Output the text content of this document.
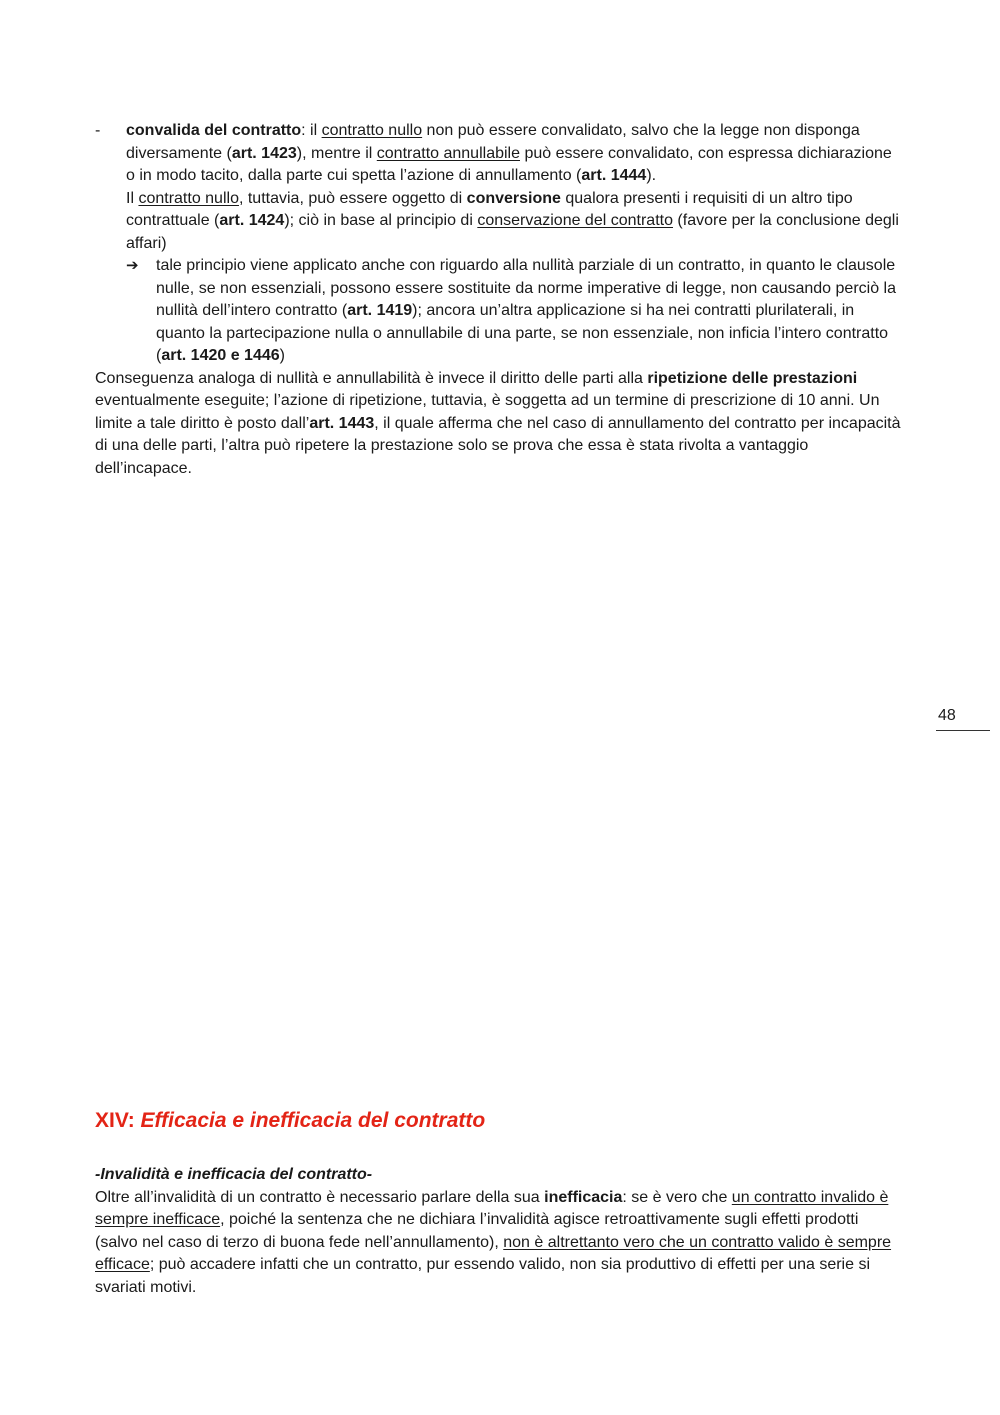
- convalida del contratto: il contratto nullo non può essere convalidato, salvo che la legge non disponga diversamente (art. 1423), mentre il contratto annullabile può essere convalidato, con espressa dichiarazione o in modo tacito, dalla parte cui spetta l’azione di annullamento (art. 1444).

Il contratto nullo, tuttavia, può essere oggetto di conversione qualora presenti i requisiti di un altro tipo contrattuale (art. 1424); ciò in base al principio di conservazione del contratto (favore per la conclusione degli affari)

➔ tale principio viene applicato anche con riguardo alla nullità parziale di un contratto, in quanto le clausole nulle, se non essenziali, possono essere sostituite da norme imperative di legge, non causando perciò la nullità dell’intero contratto (art. 1419); ancora un’altra applicazione si ha nei contratti plurilaterali, in quanto la partecipazione nulla o annullabile di una parte, se non essenziale, non inficia l’intero contratto (art. 1420 e 1446)

Conseguenza analoga di nullità e annullabilità è invece il diritto delle parti alla ripetizione delle prestazioni eventualmente eseguite; l’azione di ripetizione, tuttavia, è soggetta ad un termine di prescrizione di 10 anni. Un limite a tale diritto è posto dall’art. 1443, il quale afferma che nel caso di annullamento del contratto per incapacità di una delle parti, l’altra può ripetere la prestazione solo se prova che essa è stata rivolta a vantaggio dell’incapace.

48
XIV: Efficacia e inefficacia del contratto

-Invalidità e inefficacia del contratto-

Oltre all’invalidità di un contratto è necessario parlare della sua inefficacia: se è vero che un contratto invalido è sempre inefficace, poiché la sentenza che ne dichiara l’invalidità agisce retroattivamente sugli effetti prodotti (salvo nel caso di terzo di buona fede nell’annullamento), non è altrettanto vero che un contratto valido è sempre efficace; può accadere infatti che un contratto, pur essendo valido, non sia produttivo di effetti per una serie si svariati motivi.
